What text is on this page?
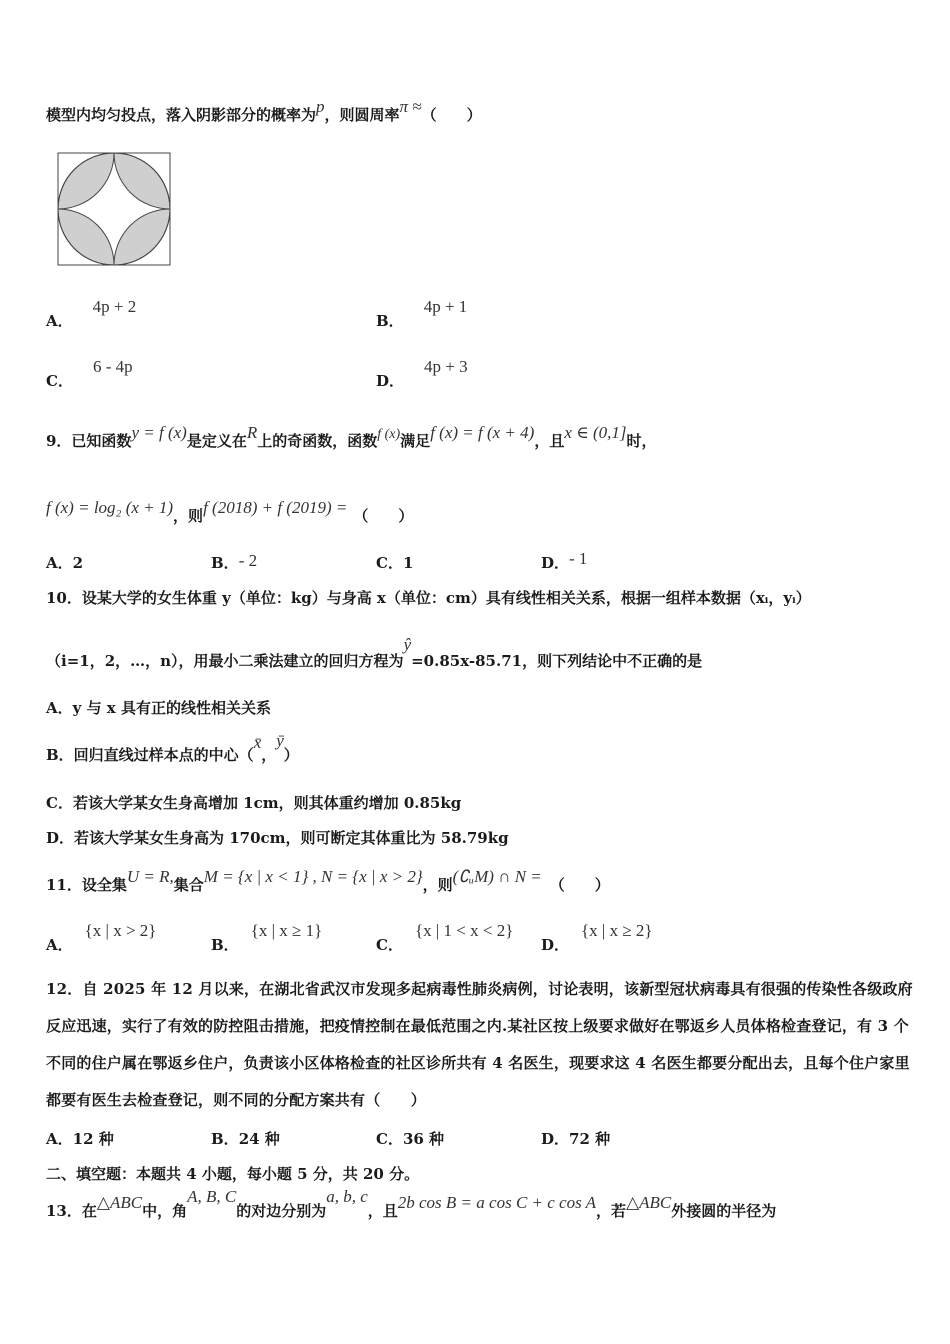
模型内均匀投点，落入阴影部分的概率为p，则圆周率π ≈（　　）
A．4p + 2
B．4p + 1
C．6 - 4p
D．4p + 3
9．已知函数y = f (x)是定义在R上的奇函数，函数f (x)满足f (x) = f (x + 4)，且x ∈ (0,1]时，
f (x) = log₂ (x + 1)，则f (2018) + f (2019) = （　　）
A．2	B．- 2	C．1	D．- 1
10．设某大学的女生体重 y（单位：kg）与身高 x（单位：cm）具有线性相关关系，根据一组样本数据（xᵢ，yᵢ）
（i=1，2，…，n），用最小二乘法建立的回归方程为ŷ=0.85x-85.71，则下列结论中不正确的是
A．y 与 x 具有正的线性相关关系
B．回归直线过样本点的中心（x̄，ȳ）
C．若该大学某女生身高增加 1cm，则其体重约增加 0.85kg
D．若该大学某女生身高为 170cm，则可断定其体重比为 58.79kg
11．设全集U = R,集合M = {x | x < 1} , N = {x | x > 2}，则(∁ᵤM) ∩ N = （　　）
A．{x | x > 2}
B．{x | x ≥ 1}
C．{x | 1 < x < 2}
D．{x | x ≥ 2}
12．自 2025 年 12 月以来，在湖北省武汉市发现多起病毒性肺炎病例，讨论表明，该新型冠状病毒具有很强的传染性各级政府反应迅速，实行了有效的防控阻击措施，把疫情控制在最低范围之内.某社区按上级要求做好在鄂返乡人员体格检查登记，有 3 个不同的住户属在鄂返乡住户，负责该小区体格检查的社区诊所共有 4 名医生，现要求这 4 名医生都要分配出去，且每个住户家里都要有医生去检查登记，则不同的分配方案共有（　　）
A．12 种	B．24 种	C．36 种	D．72 种
二、填空题：本题共 4 小题，每小题 5 分，共 20 分。
13．在△ABC中，角A, B, C的对边分别为a, b, c，且2b cos B = a cos C + c cos A，若△ABC外接圆的半径为
